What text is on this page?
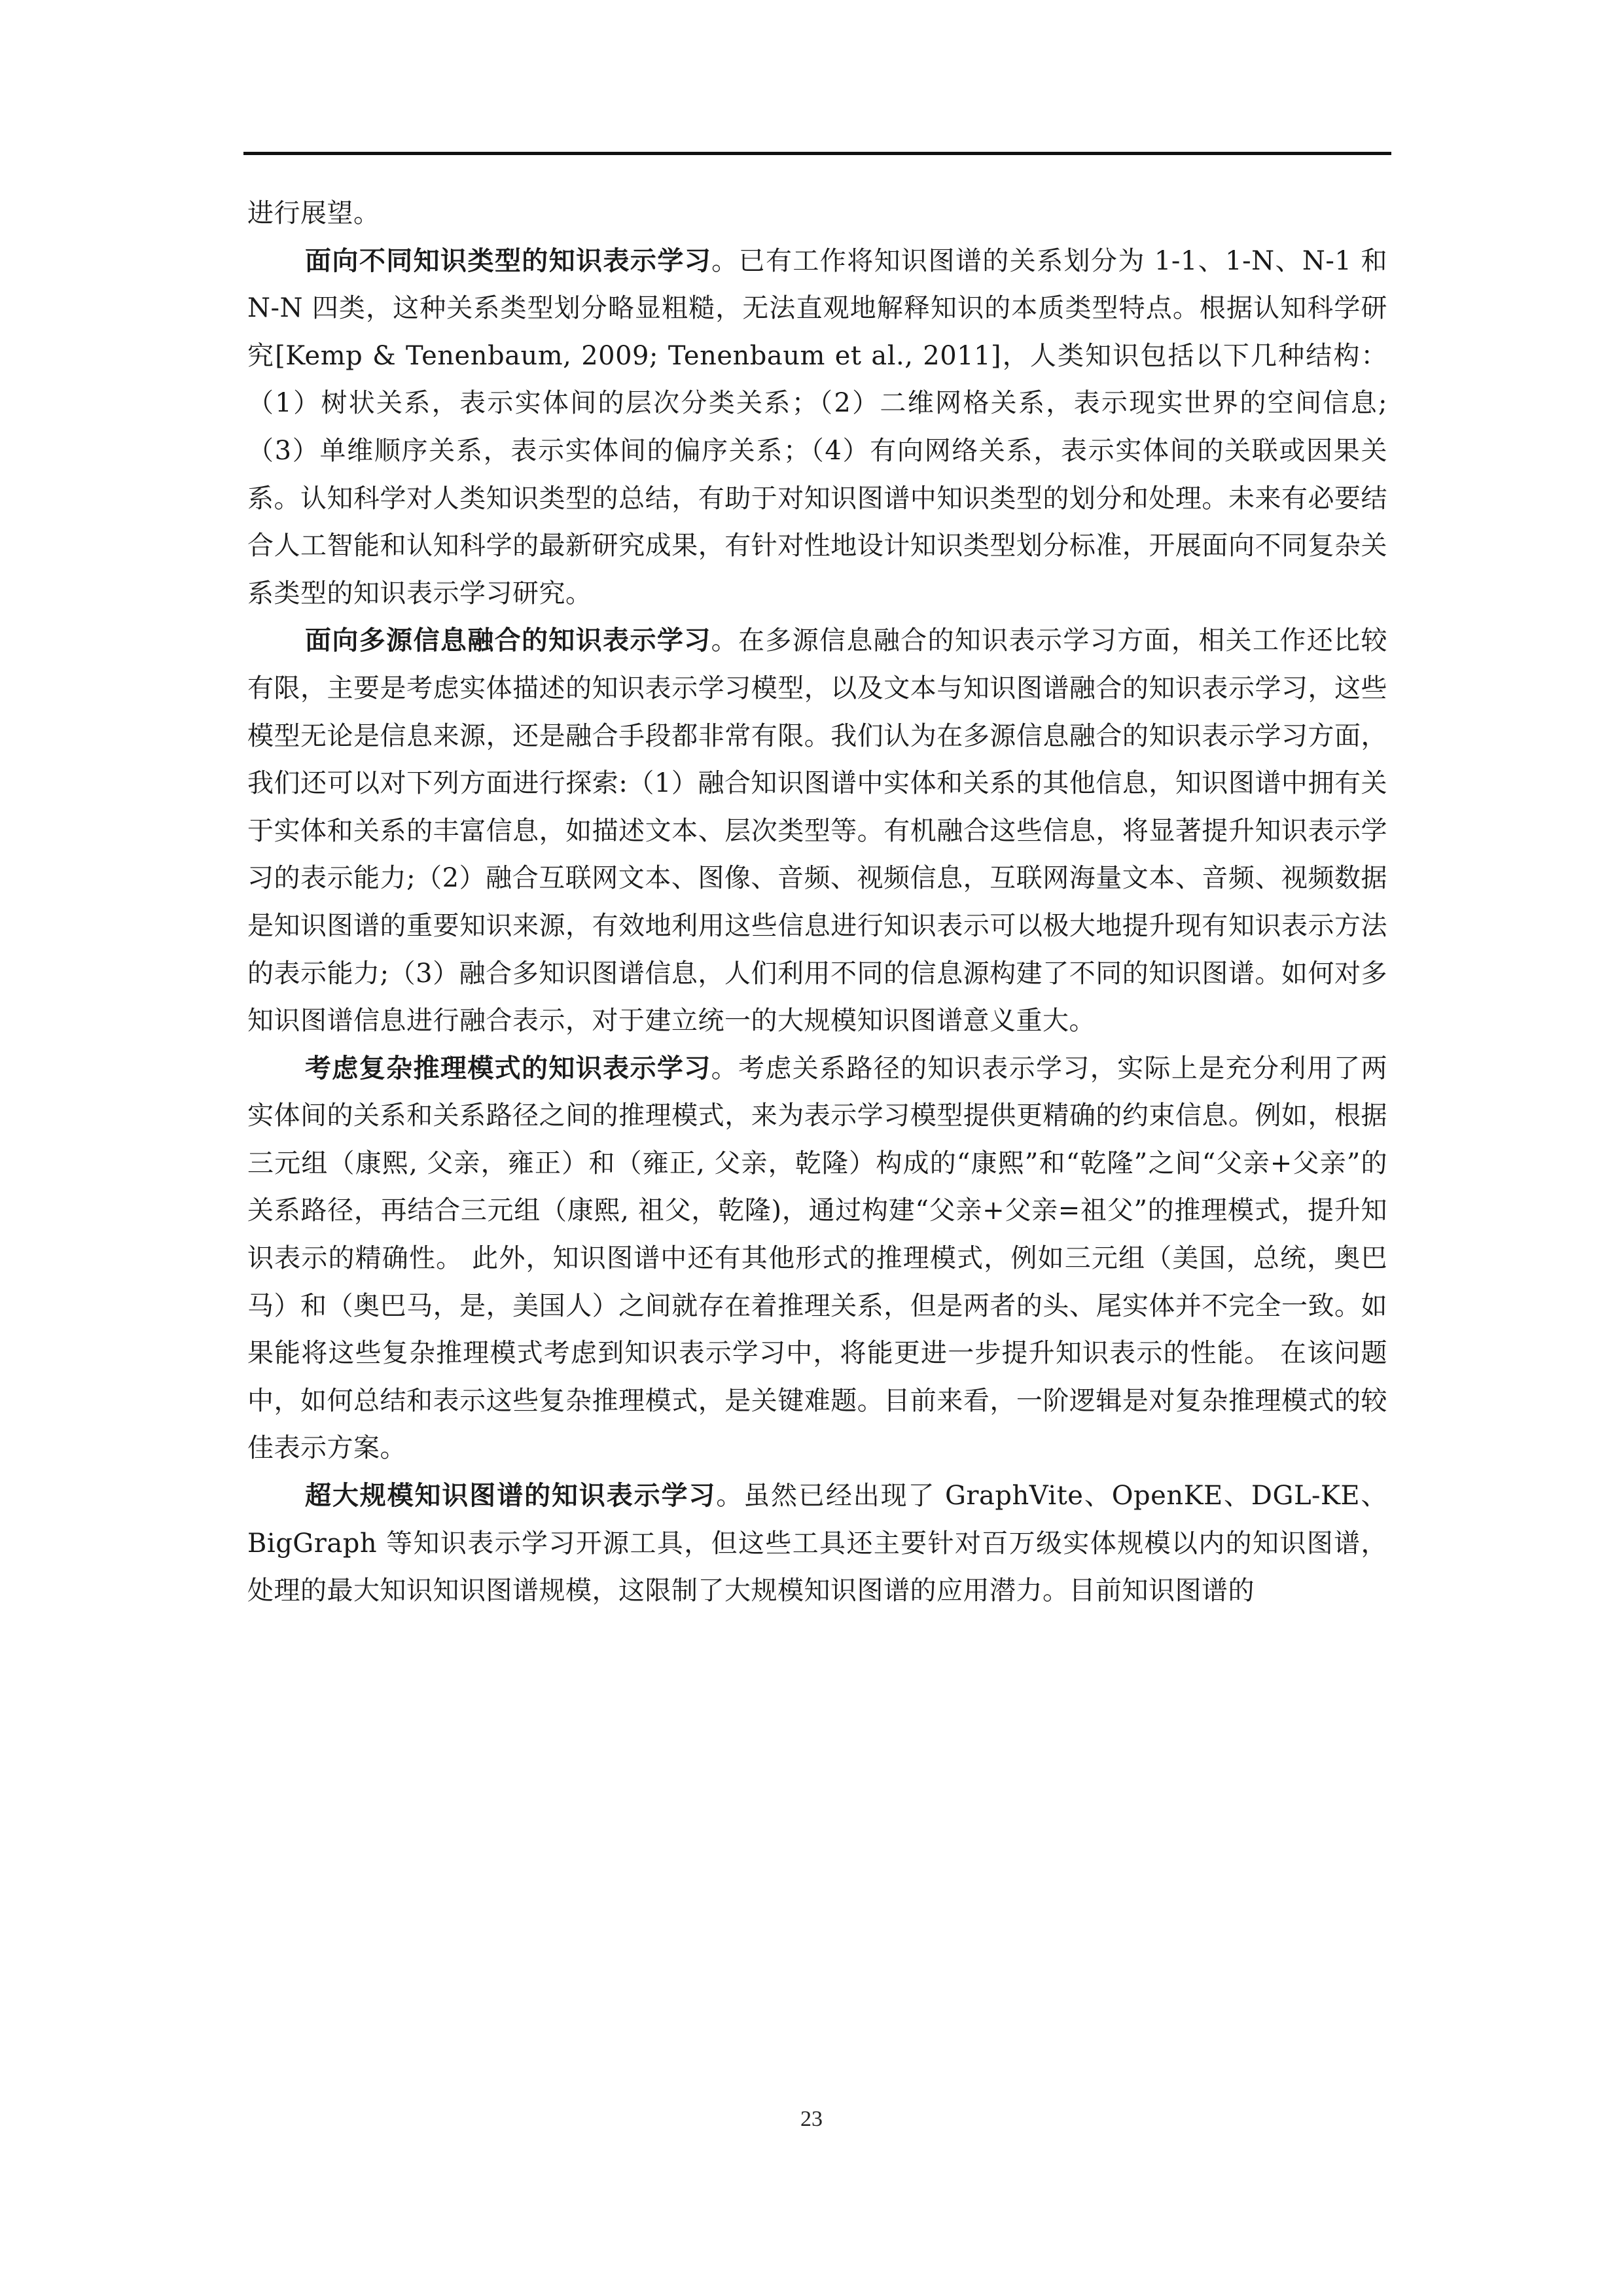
进行展望。

面向不同知识类型的知识表示学习。已有工作将知识图谱的关系划分为 1-1、1-N、N-1 和 N-N 四类，这种关系类型划分略显粗糙，无法直观地解释知识的本质类型特点。根据认知科学研究[Kemp & Tenenbaum, 2009; Tenenbaum et al., 2011]，人类知识包括以下几种结构：（1）树状关系，表示实体间的层次分类关系；（2）二维网格关系，表示现实世界的空间信息;（3）单维顺序关系，表示实体间的偏序关系；（4）有向网络关系，表示实体间的关联或因果关系。认知科学对人类知识类型的总结，有助于对知识图谱中知识类型的划分和处理。未来有必要结合人工智能和认知科学的最新研究成果，有针对性地设计知识类型划分标准，开展面向不同复杂关系类型的知识表示学习研究。

面向多源信息融合的知识表示学习。在多源信息融合的知识表示学习方面，相关工作还比较有限，主要是考虑实体描述的知识表示学习模型，以及文本与知识图谱融合的知识表示学习，这些模型无论是信息来源，还是融合手段都非常有限。我们认为在多源信息融合的知识表示学习方面，我们还可以对下列方面进行探索:（1）融合知识图谱中实体和关系的其他信息，知识图谱中拥有关于实体和关系的丰富信息，如描述文本、层次类型等。有机融合这些信息，将显著提升知识表示学习的表示能力;（2）融合互联网文本、图像、音频、视频信息，互联网海量文本、音频、视频数据是知识图谱的重要知识来源，有效地利用这些信息进行知识表示可以极大地提升现有知识表示方法的表示能力;（3）融合多知识图谱信息，人们利用不同的信息源构建了不同的知识图谱。如何对多知识图谱信息进行融合表示，对于建立统一的大规模知识图谱意义重大。

考虑复杂推理模式的知识表示学习。考虑关系路径的知识表示学习，实际上是充分利用了两实体间的关系和关系路径之间的推理模式，来为表示学习模型提供更精确的约束信息。例如，根据三元组（康熙, 父亲，雍正）和（雍正, 父亲，乾隆）构成的“康熙”和“乾隆”之间“父亲+父亲”的关系路径，再结合三元组（康熙, 祖父，乾隆)，通过构建“父亲+父亲=祖父”的推理模式，提升知识表示的精确性。 此外，知识图谱中还有其他形式的推理模式，例如三元组（美国，总统，奥巴马）和（奥巴马，是，美国人）之间就存在着推理关系，但是两者的头、尾实体并不完全一致。如果能将这些复杂推理模式考虑到知识表示学习中，将能更进一步提升知识表示的性能。 在该问题中，如何总结和表示这些复杂推理模式，是关键难题。目前来看，一阶逻辑是对复杂推理模式的较佳表示方案。

超大规模知识图谱的知识表示学习。虽然已经出现了 GraphVite、OpenKE、DGL-KE、BigGraph 等知识表示学习开源工具，但这些工具还主要针对百万级实体规模以内的知识图谱，处理的最大知识知识图谱规模，这限制了大规模知识图谱的应用潜力。目前知识图谱的

23
